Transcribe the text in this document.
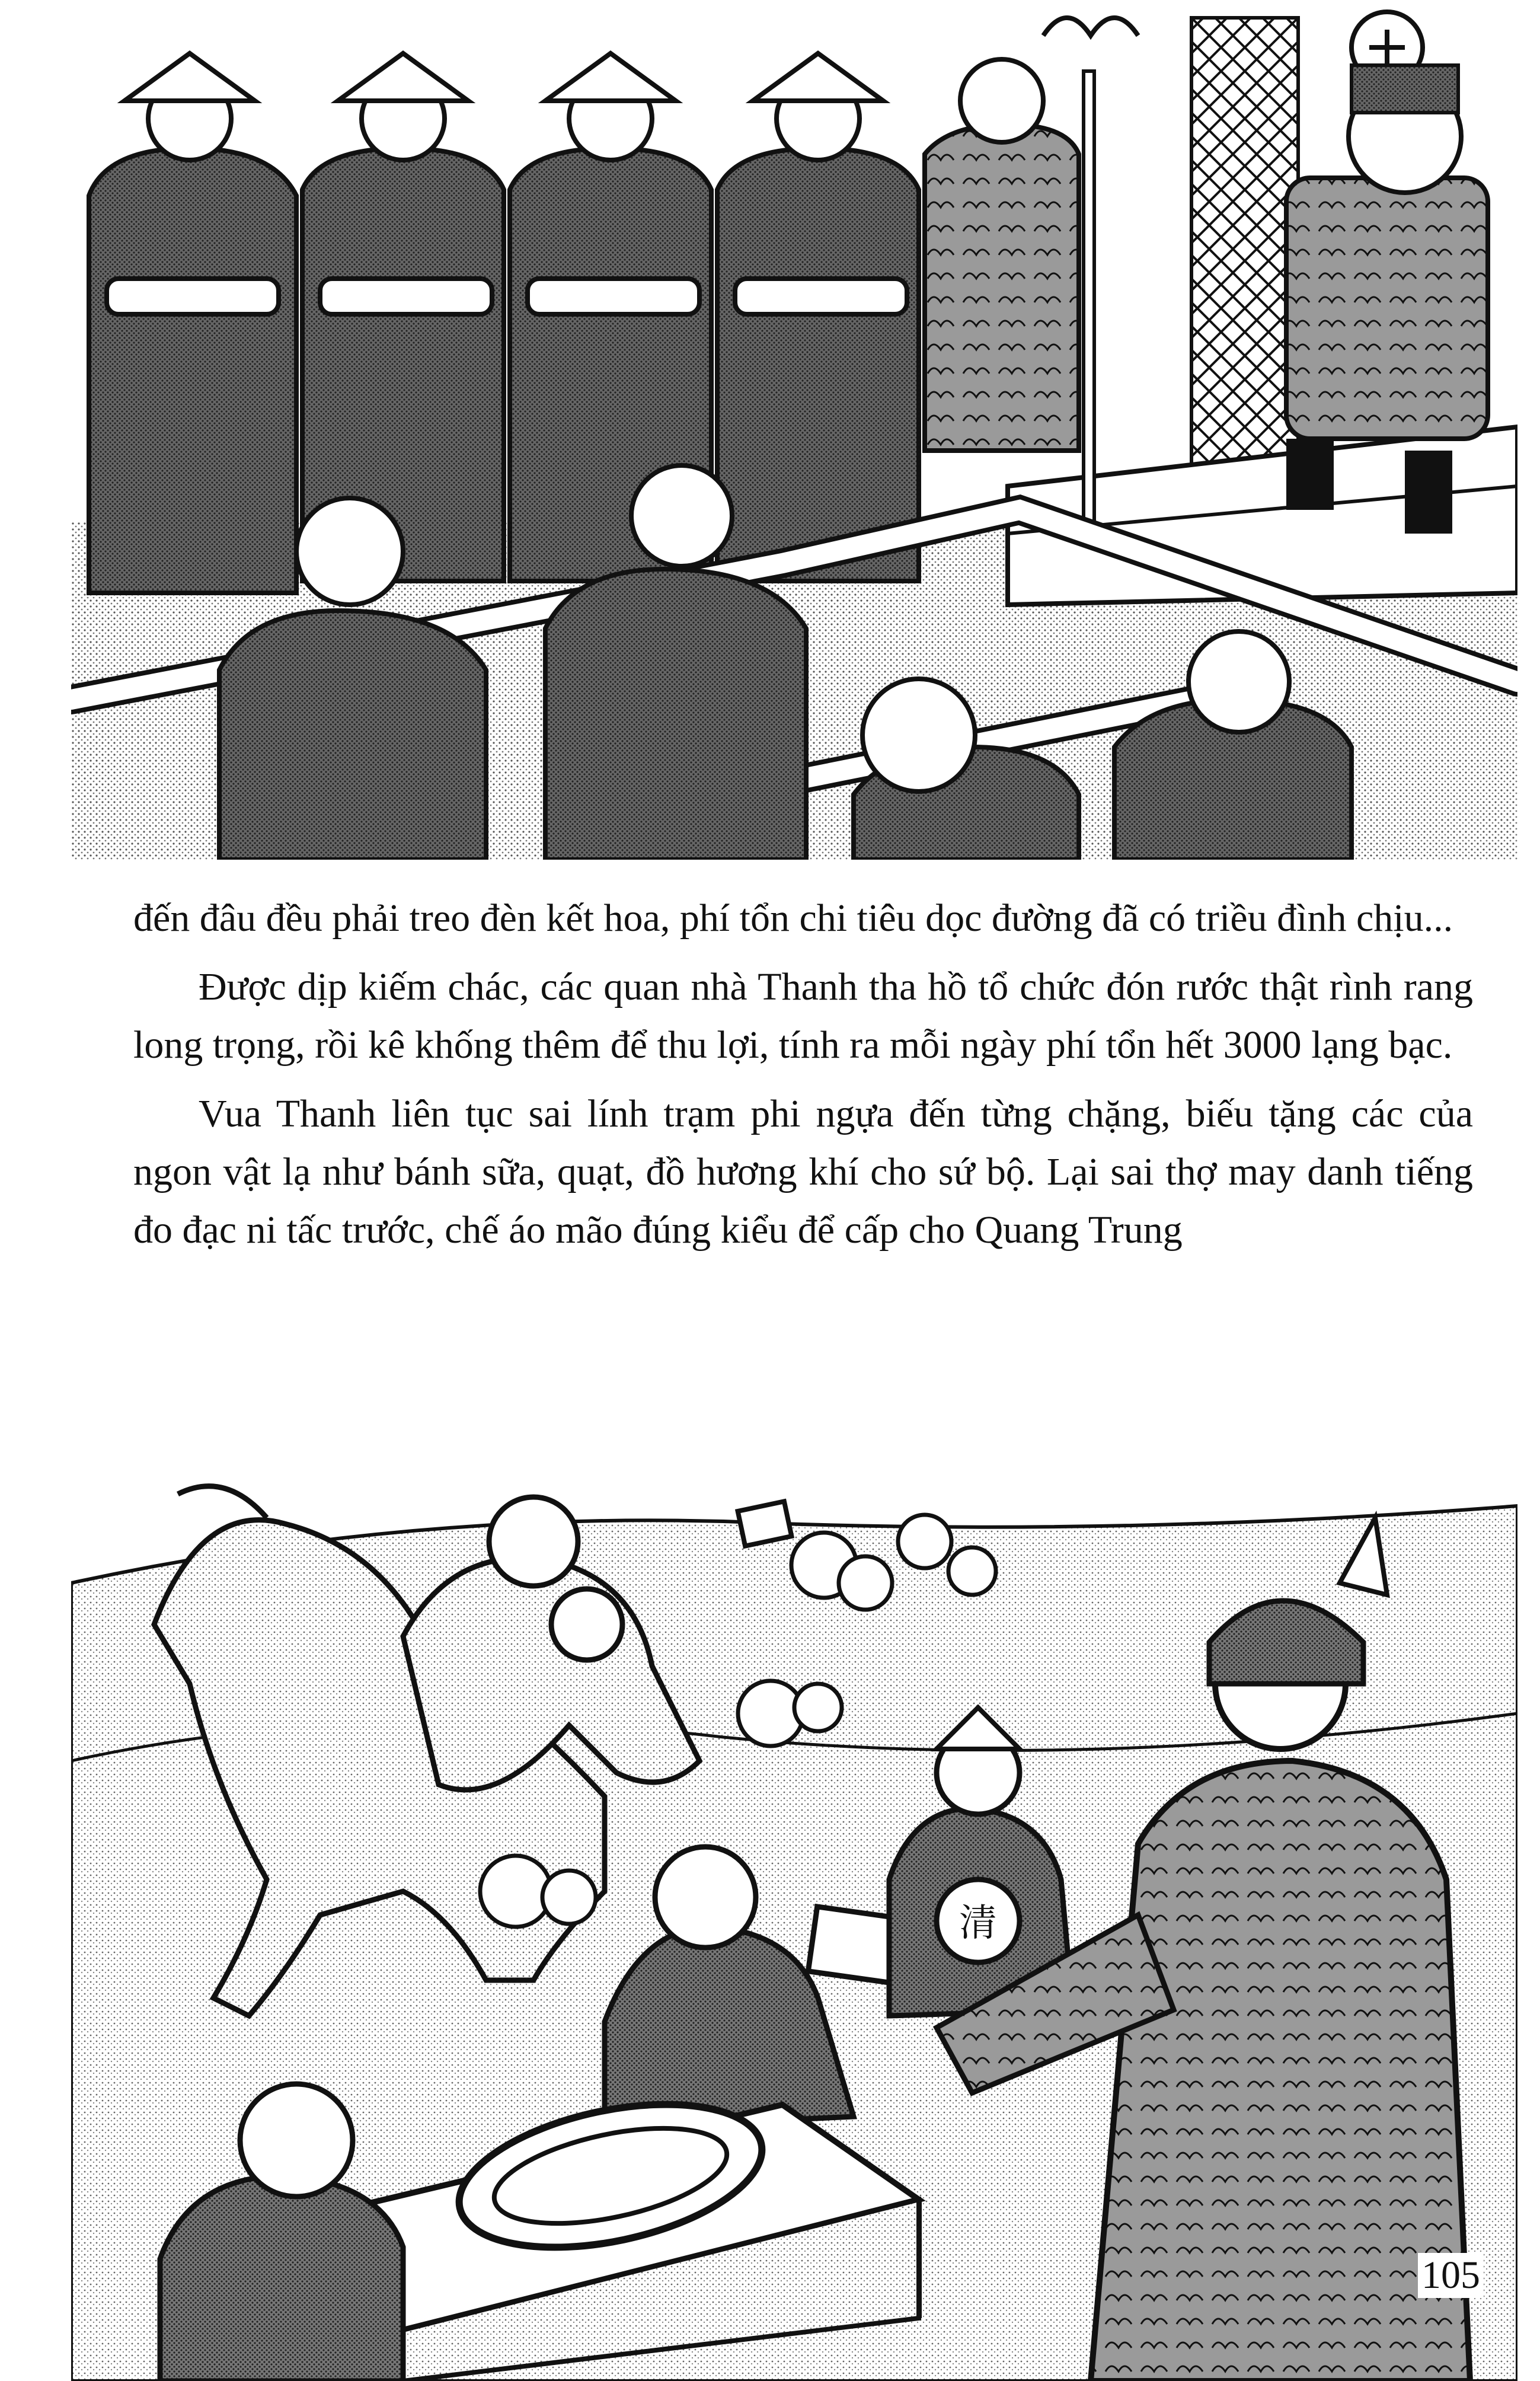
đến đâu đều phải treo đèn kết hoa, phí tổn chi tiêu dọc đường đã có triều đình chịu...

Được dịp kiếm chác, các quan nhà Thanh tha hồ tổ chức đón rước thật rình rang long trọng, rồi kê khống thêm để thu lợi, tính ra mỗi ngày phí tổn hết 3000 lạng bạc.

Vua Thanh liên tục sai lính trạm phi ngựa đến từng chặng, biếu tặng các của ngon vật lạ như bánh sữa, quạt, đồ hương khí cho sứ bộ. Lại sai thợ may danh tiếng đo đạc ni tấc trước, chế áo mão đúng kiểu để cấp cho Quang Trung

清
105
